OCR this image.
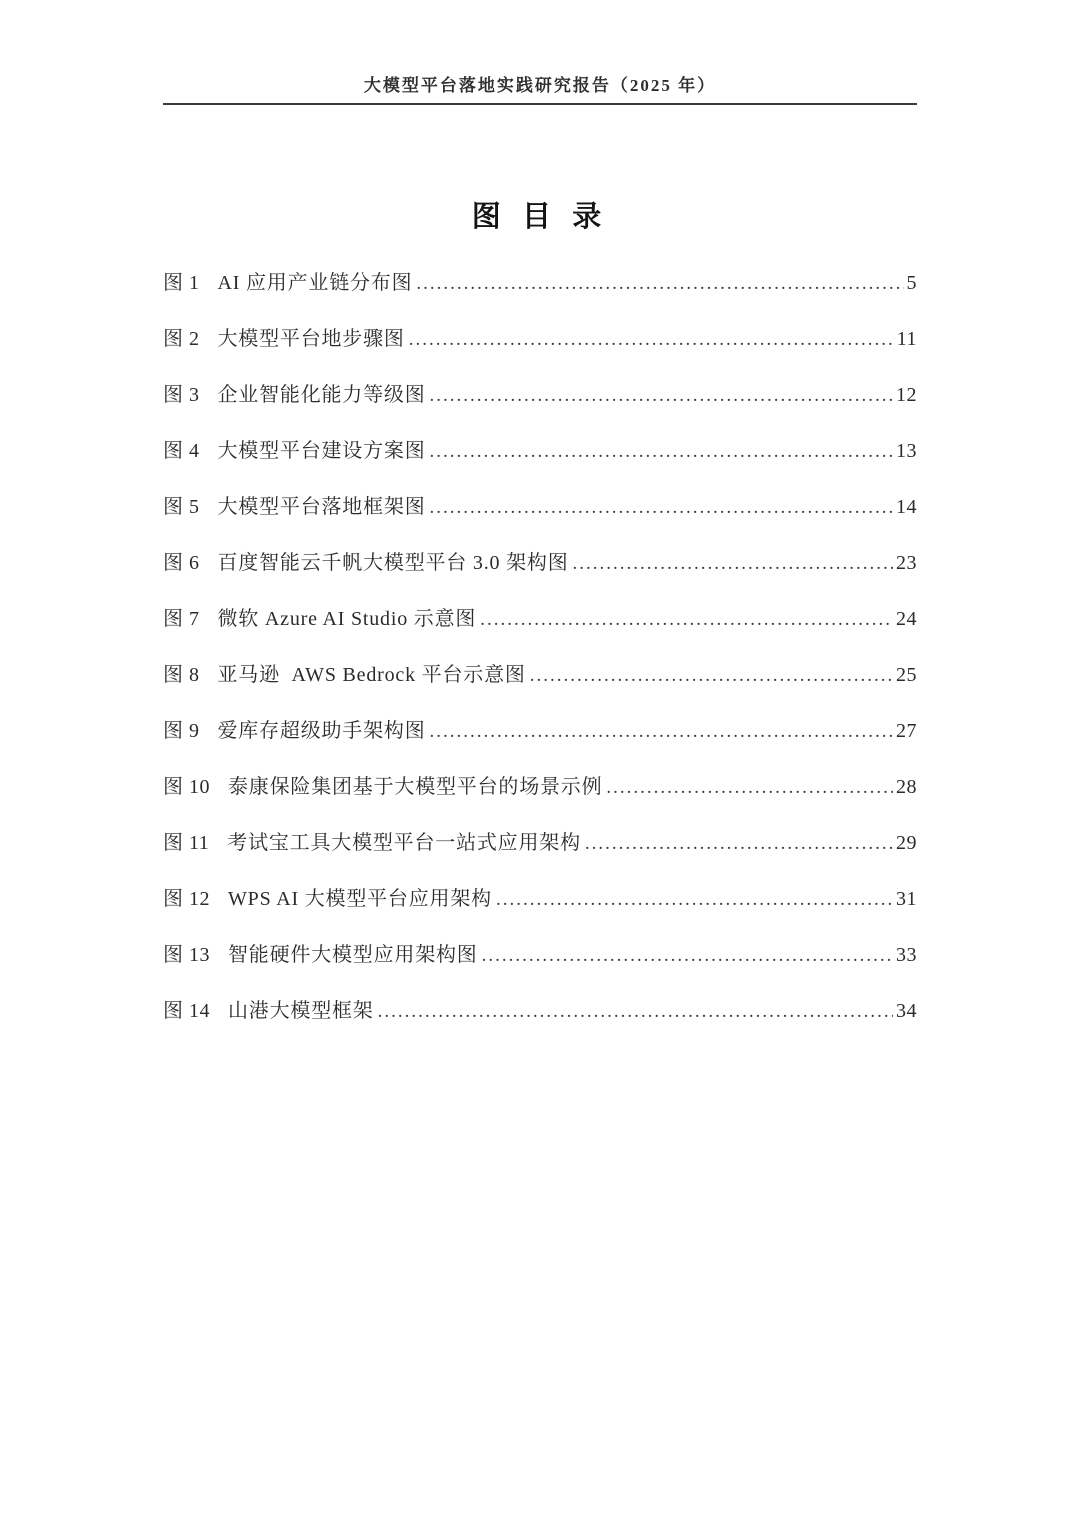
大模型平台落地实践研究报告（2025 年）
图 目 录
图 1 AI 应用产业链分布图 .....	5
图 2 大模型平台地步骤图 .....	11
图 3 企业智能化能力等级图 .....	12
图 4 大模型平台建设方案图 .....	13
图 5 大模型平台落地框架图 .....	14
图 6 百度智能云千帆大模型平台 3.0 架构图 .....	23
图 7 微软 Azure AI Studio 示意图 .....	24
图 8 亚马逊  AWS Bedrock 平台示意图 .....	25
图 9 爱库存超级助手架构图 .....	27
图 10 泰康保险集团基于大模型平台的场景示例 .....	28
图 11 考试宝工具大模型平台一站式应用架构 .....	29
图 12 WPS AI 大模型平台应用架构 .....	31
图 13 智能硬件大模型应用架构图 .....	33
图 14 山港大模型框架 .....	34
